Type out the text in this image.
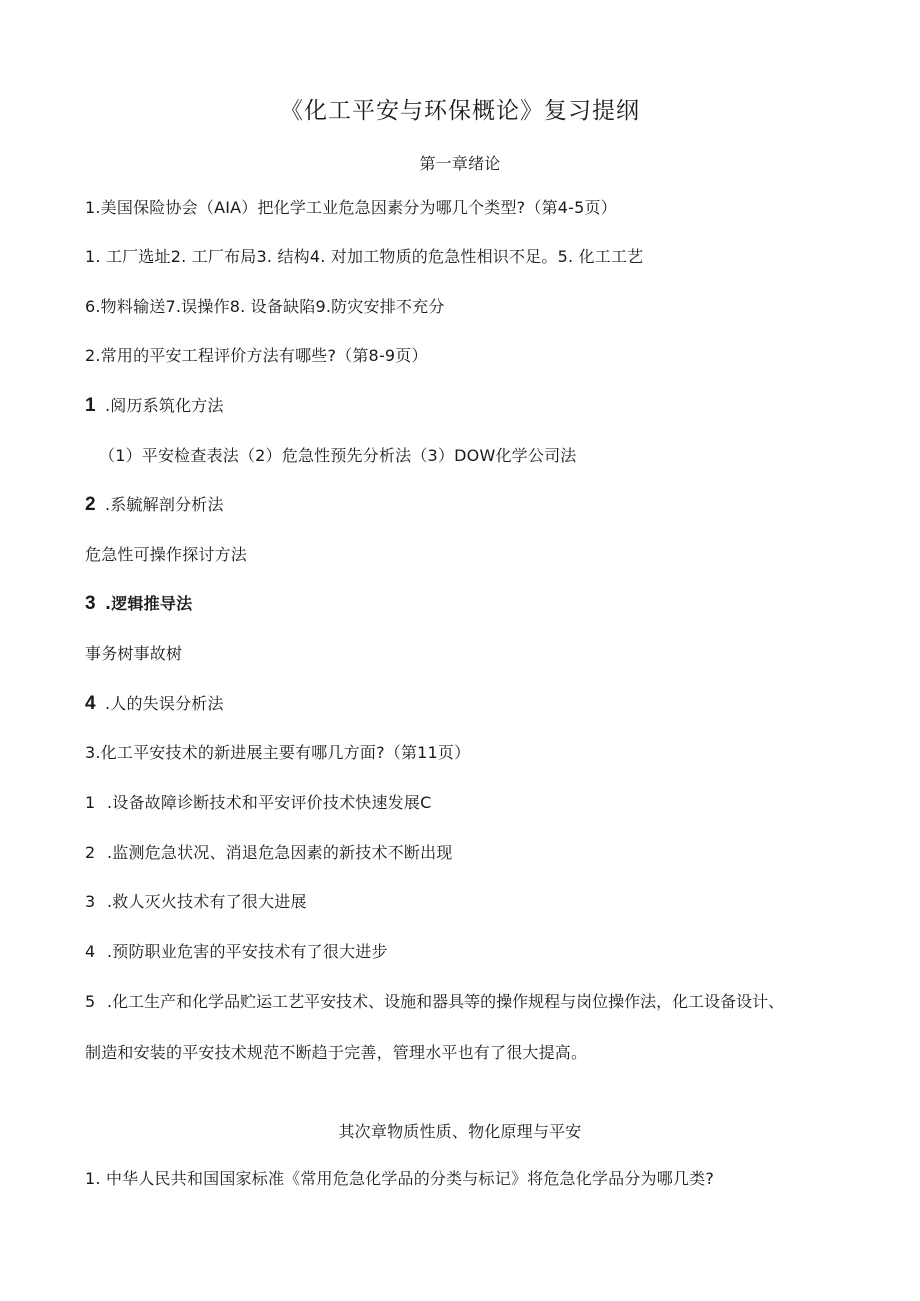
《化工平安与环保概论》复习提纲
第一章绪论
1.美国保险协会（AIA）把化学工业危急因素分为哪几个类型?（第4-5页）
1. 工厂选址2. 工厂布局3. 结构4. 对加工物质的危急性相识不足。5. 化工工艺
6.物料输送7.误操作8. 设备缺陷9.防灾安排不充分
2.常用的平安工程评价方法有哪些?（第8-9页）
1 .阅历系筑化方法
（1）平安检查表法（2）危急性预先分析法（3）DOW化学公司法
2 .系毓解剖分析法
危急性可操作探讨方法
3 .逻辑推导法
事务树事故树
4 .人的失误分析法
3.化工平安技术的新进展主要有哪几方面?（第11页）
1 .设备故障诊断技术和平安评价技术快速发展C
2 .监测危急状况、消退危急因素的新技术不断出现
3 .救人灭火技术有了很大进展
4 .预防职业危害的平安技术有了很大进步
5 .化工生产和化学品贮运工艺平安技术、设施和器具等的操作规程与岗位操作法，化工设备设计、
制造和安装的平安技术规范不断趋于完善，管理水平也有了很大提高。
其次章物质性质、物化原理与平安
1. 中华人民共和国国家标准《常用危急化学品的分类与标记》将危急化学品分为哪几类?
